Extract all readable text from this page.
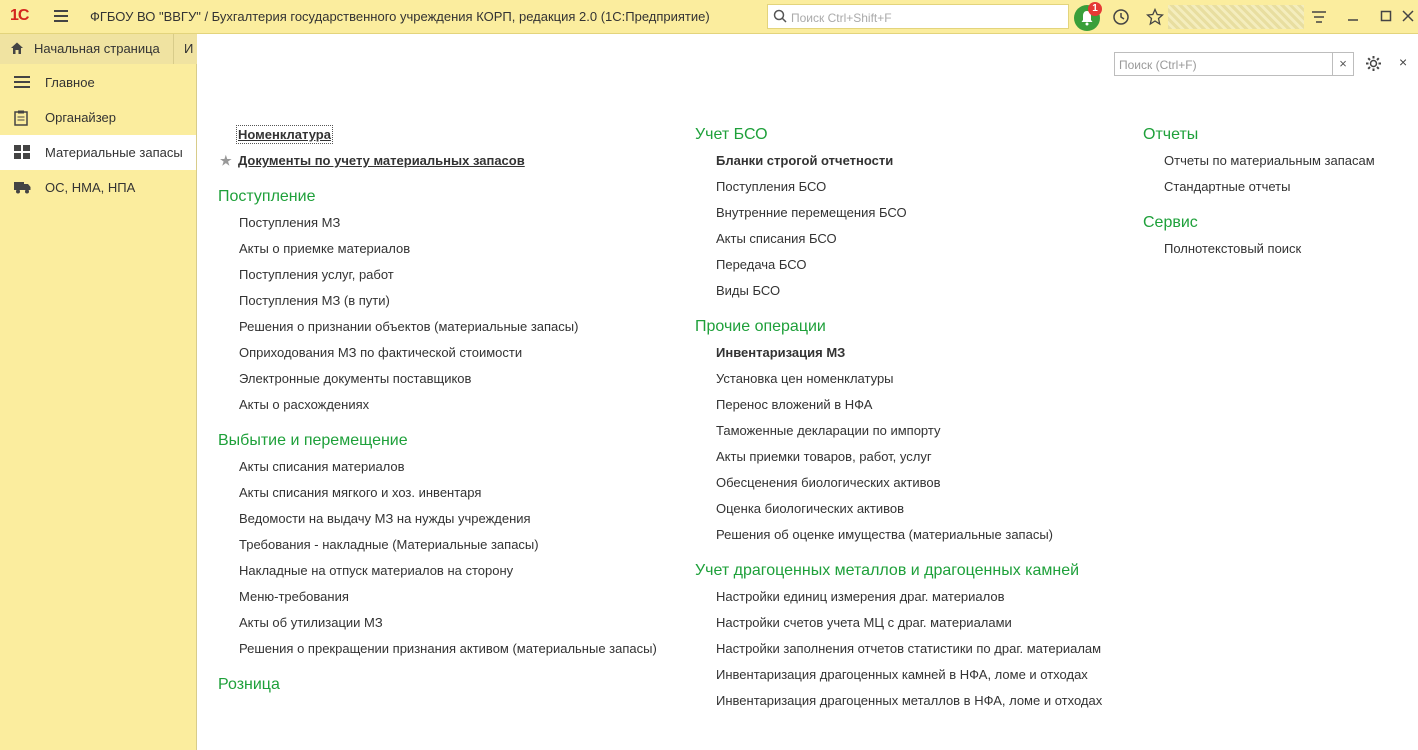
1С	ФГБОУ ВО "ВВГУ" / Бухгалтерия государственного учреждения КОРП, редакция 2.0 (1С:Предприятие)
Поиск Ctrl+Shift+F
1
Начальная страница И
Главное
Органайзер
Материальные запасы
ОС, НМА, НПА
Поиск (Ctrl+F)
×	×
Номенклатура
★ Документы по учету материальных запасов
Поступление
Поступления МЗ
Акты о приемке материалов
Поступления услуг, работ
Поступления МЗ (в пути)
Решения о признании объектов (материальные запасы)
Оприходования МЗ по фактической стоимости
Электронные документы поставщиков
Акты о расхождениях
Выбытие и перемещение
Акты списания материалов
Акты списания мягкого и хоз. инвентаря
Ведомости на выдачу МЗ на нужды учреждения
Требования - накладные (Материальные запасы)
Накладные на отпуск материалов на сторону
Меню-требования
Акты об утилизации МЗ
Решения о прекращении признания активом (материальные запасы)
Розница
Учет БСО
Бланки строгой отчетности
Поступления БСО
Внутренние перемещения БСО
Акты списания БСО
Передача БСО
Виды БСО
Прочие операции
Инвентаризация МЗ
Установка цен номенклатуры
Перенос вложений в НФА
Таможенные декларации по импорту
Акты приемки товаров, работ, услуг
Обесценения биологических активов
Оценка биологических активов
Решения об оценке имущества (материальные запасы)
Учет драгоценных металлов и драгоценных камней
Настройки единиц измерения драг. материалов
Настройки счетов учета МЦ с драг. материалами
Настройки заполнения отчетов статистики по драг. материалам
Инвентаризация драгоценных камней в НФА, ломе и отходах
Инвентаризация драгоценных металлов в НФА, ломе и отходах
Отчеты
Отчеты по материальным запасам
Стандартные отчеты
Сервис
Полнотекстовый поиск
